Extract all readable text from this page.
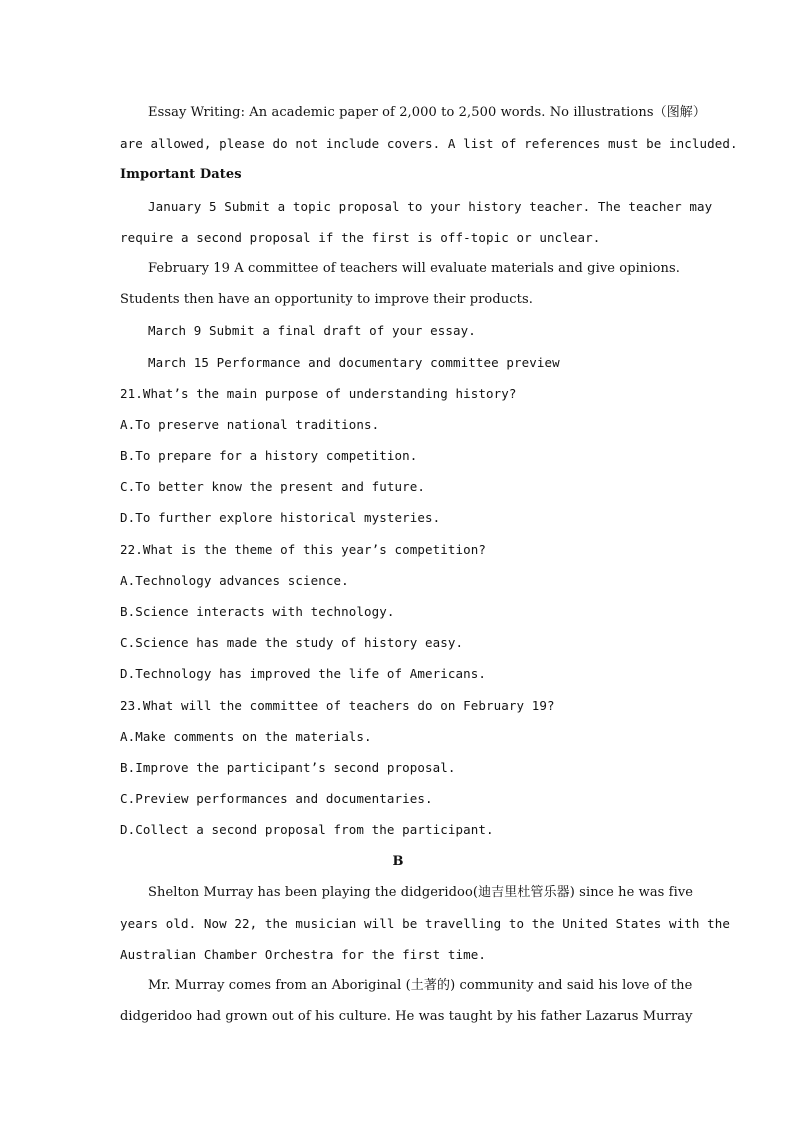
Essay Writing: An academic paper of 2,000 to 2,500 words. No illustrations（图解）
are allowed, please do not include covers. A list of references must be included.
Important Dates
January 5 Submit a topic proposal to your history teacher. The teacher may
require a second proposal if the first is off-topic or unclear.
February 19 A committee of teachers will evaluate materials and give opinions.
Students then have an opportunity to improve their products.
March 9 Submit a final draft of your essay.
March 15 Performance and documentary committee preview
21.What’s the main purpose of understanding history?
A.To preserve national traditions.
B.To prepare for a history competition.
C.To better know the present and future.
D.To further explore historical mysteries.
22.What is the theme of this year’s competition?
A.Technology advances science.
B.Science interacts with technology.
C.Science has made the study of history easy.
D.Technology has improved the life of Americans.
23.What will the committee of teachers do on February 19?
A.Make comments on the materials.
B.Improve the participant’s second proposal.
C.Preview performances and documentaries.
D.Collect a second proposal from the participant.
B
Shelton Murray has been playing the didgeridoo(迪吉里杜管乐器) since he was five
years old. Now 22, the musician will be travelling to the United States with the
Australian Chamber Orchestra for the first time.
Mr. Murray comes from an Aboriginal (土著的) community and said his love of the
didgeridoo had grown out of his culture. He was taught by his father Lazarus Murray
